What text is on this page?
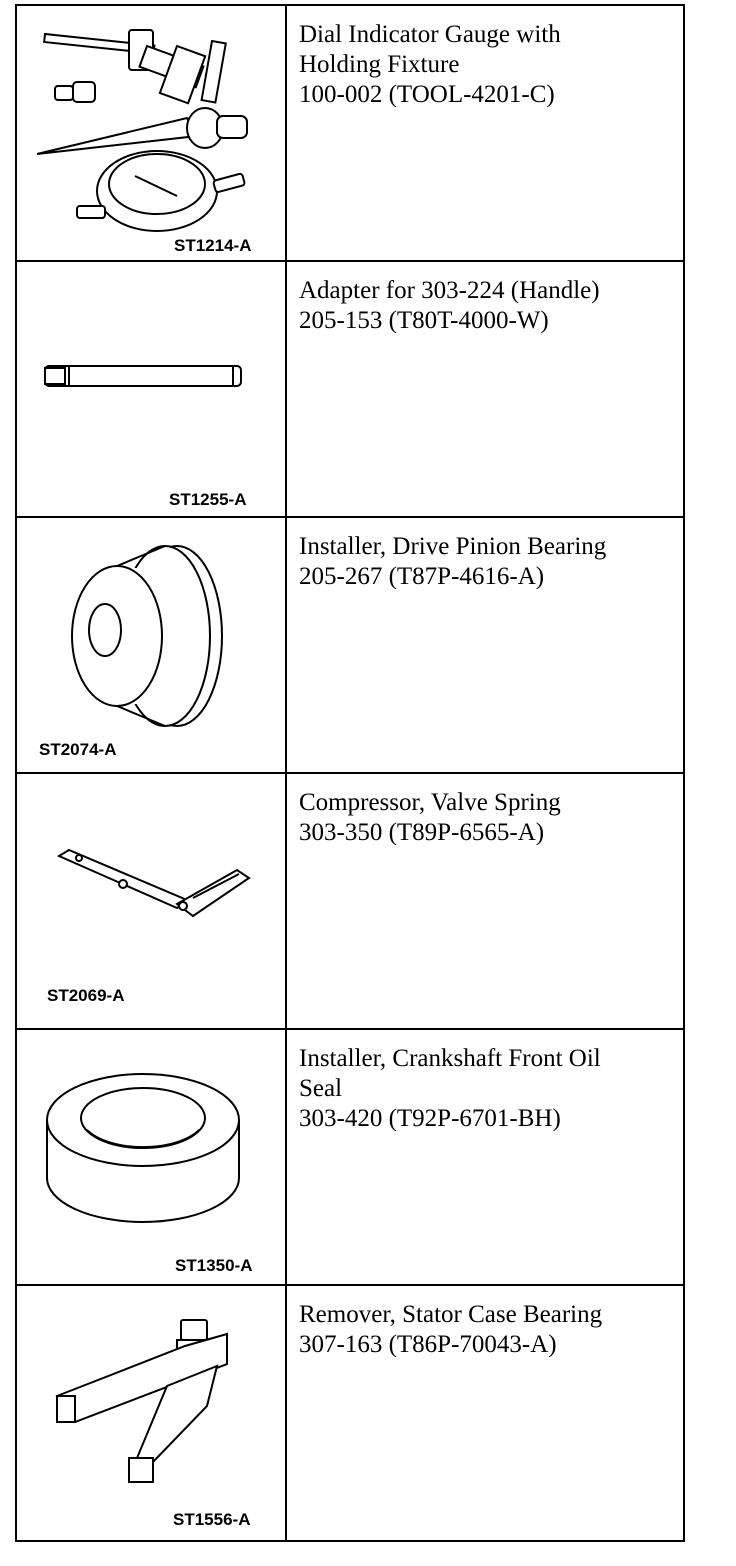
ST1214-A	Dial Indicator Gauge with
Holding Fixture
100-002 (TOOL-4201-C)

ST1255-A	Adapter for 303-224 (Handle)
205-153 (T80T-4000-W)

ST2074-A	Installer, Drive Pinion Bearing
205-267 (T87P-4616-A)

ST2069-A	Compressor, Valve Spring
303-350 (T89P-6565-A)

ST1350-A	Installer, Crankshaft Front Oil
Seal
303-420 (T92P-6701-BH)

ST1556-A	Remover, Stator Case Bearing
307-163 (T86P-70043-A)
